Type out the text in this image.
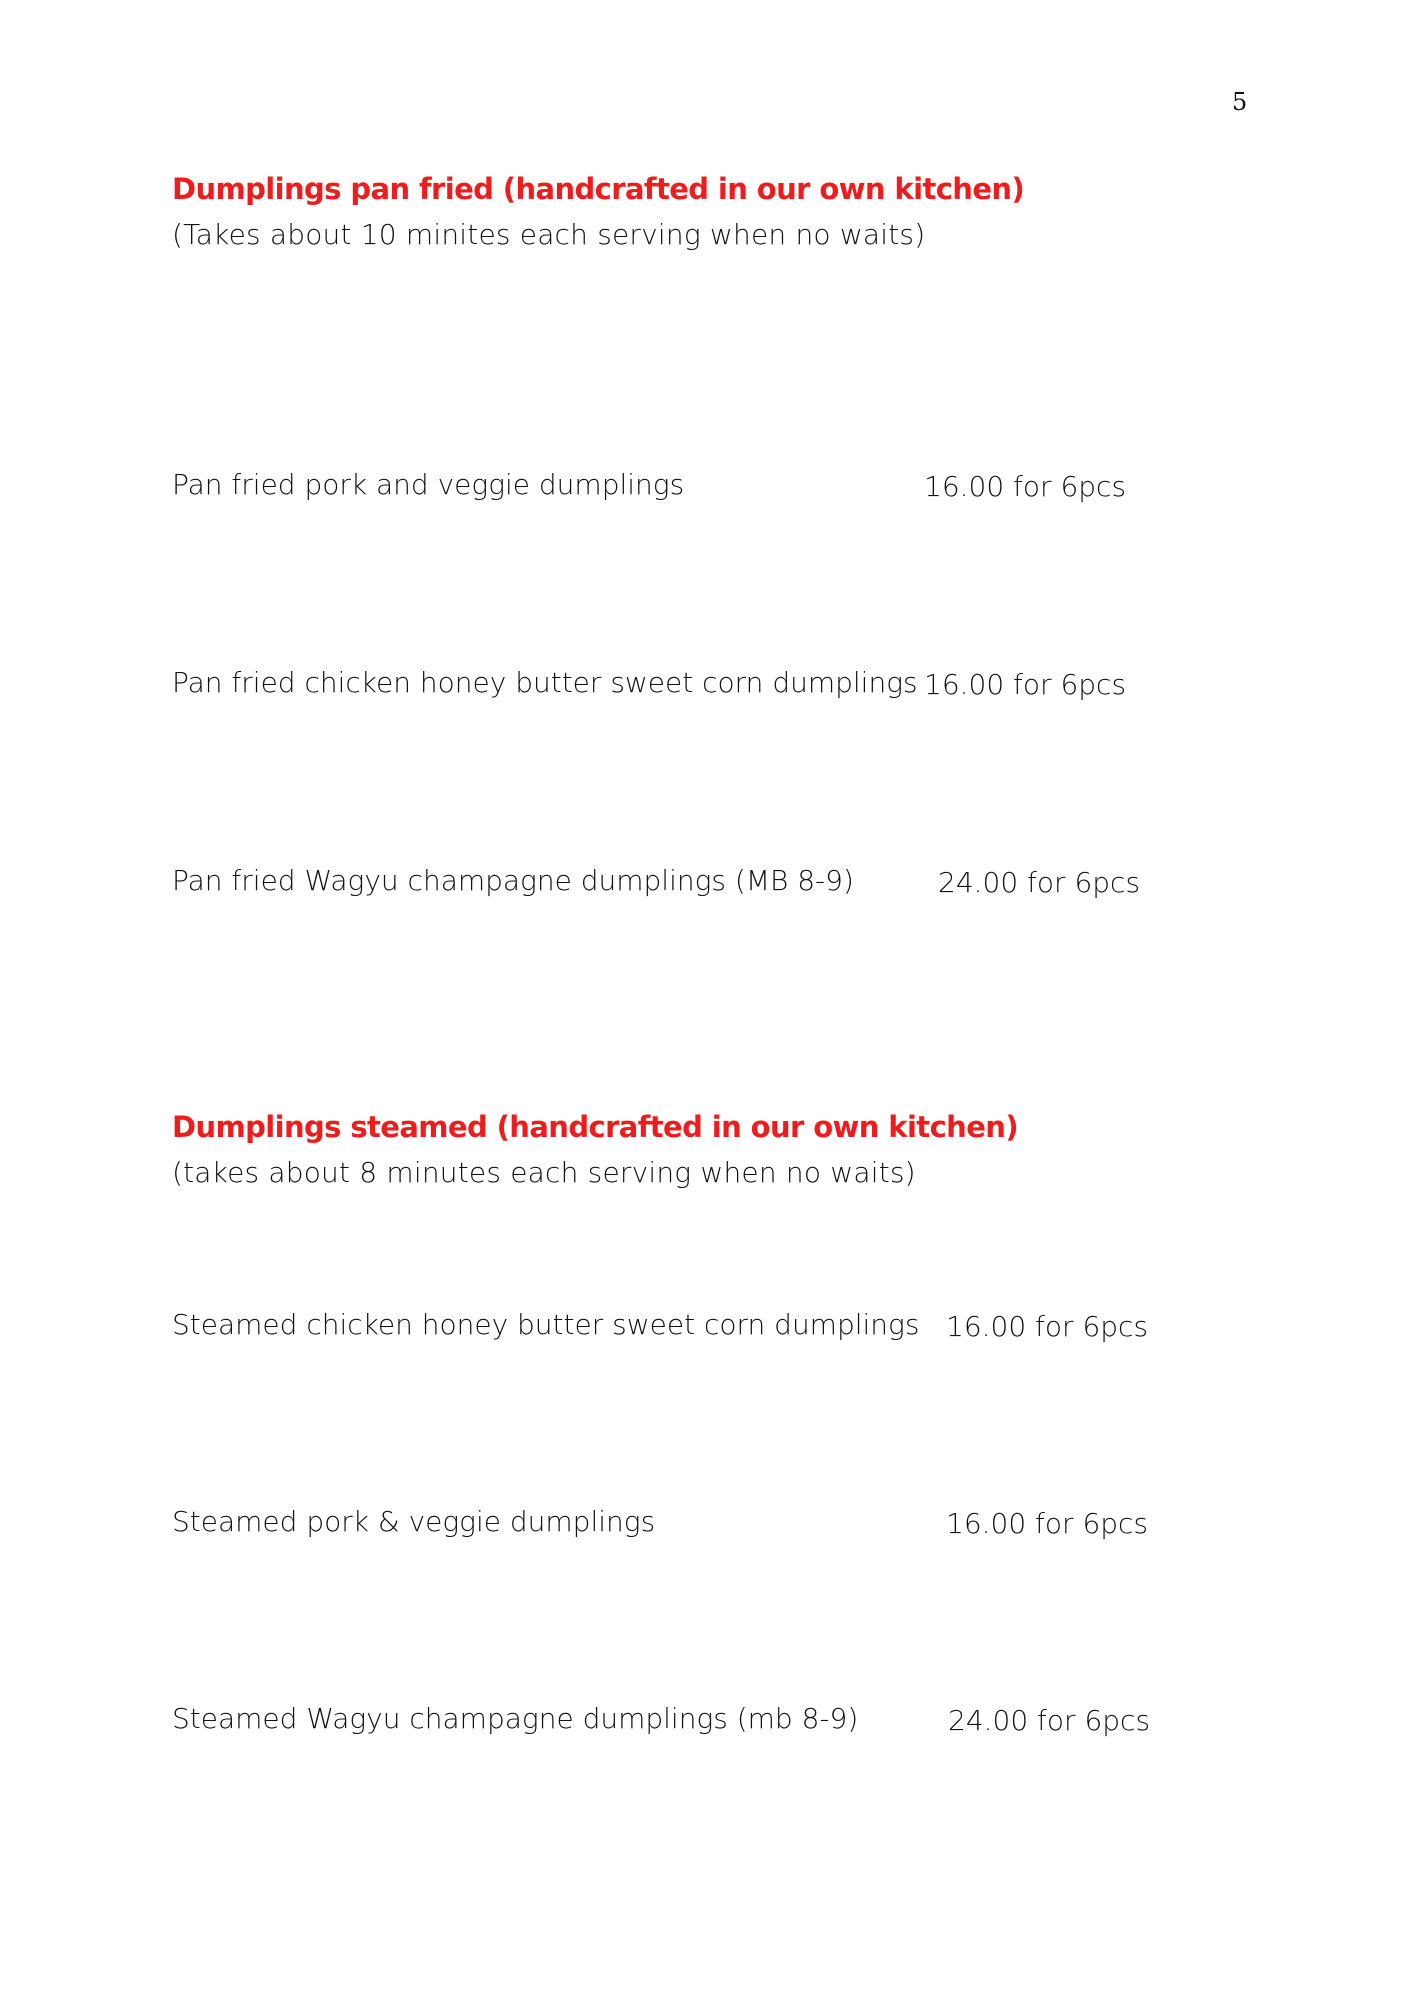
5
Dumplings pan fried (handcrafted in our own kitchen)
(Takes about 10 minites each serving when no waits)
Pan fried pork and veggie dumplings	16.00 for 6pcs
Pan fried chicken honey butter sweet corn dumplings 16.00 for 6pcs
Pan fried Wagyu champagne dumplings (MB 8-9)	24.00 for 6pcs
Dumplings steamed (handcrafted in our own kitchen)
(takes about 8 minutes each serving when no waits)
Steamed chicken honey butter sweet corn dumplings 16.00 for 6pcs
Steamed pork & veggie dumplings	16.00 for 6pcs
Steamed Wagyu champagne dumplings (mb 8-9)	24.00 for 6pcs
